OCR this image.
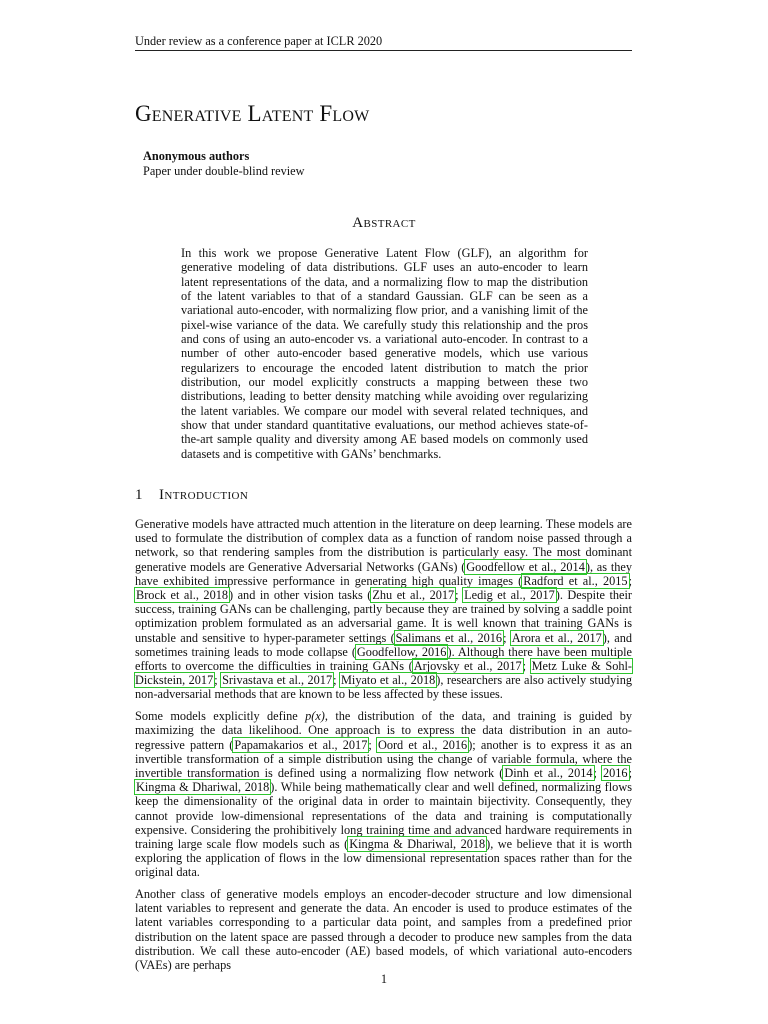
Under review as a conference paper at ICLR 2020
Generative Latent Flow
Anonymous authors
Paper under double-blind review
Abstract

In this work we propose Generative Latent Flow (GLF), an algorithm for generative modeling of data distributions. GLF uses an auto-encoder to learn latent representations of the data, and a normalizing flow to map the distribution of the latent variables to that of a standard Gaussian. GLF can be seen as a variational auto-encoder, with normalizing flow prior, and a vanishing limit of the pixel-wise variance of the data. We carefully study this relationship and the pros and cons of using an auto-encoder vs. a variational auto-encoder. In contrast to a number of other auto-encoder based generative models, which use various regularizers to encourage the encoded latent distribution to match the prior distribution, our model explicitly constructs a mapping between these two distributions, leading to better density matching while avoiding over regularizing the latent variables. We compare our model with several related techniques, and show that under standard quantitative evaluations, our method achieves state-of-the-art sample quality and diversity among AE based models on commonly used datasets and is competitive with GANs’ benchmarks.

1 Introduction

Generative models have attracted much attention in the literature on deep learning. These models are used to formulate the distribution of complex data as a function of random noise passed through a network, so that rendering samples from the distribution is particularly easy. The most dominant generative models are Generative Adversarial Networks (GANs) (Goodfellow et al., 2014), as they have exhibited impressive performance in generating high quality images (Radford et al., 2015; Brock et al., 2018) and in other vision tasks (Zhu et al., 2017; Ledig et al., 2017). Despite their success, training GANs can be challenging, partly because they are trained by solving a saddle point optimization problem formulated as an adversarial game. It is well known that training GANs is unstable and sensitive to hyper-parameter settings (Salimans et al., 2016; Arora et al., 2017), and sometimes training leads to mode collapse (Goodfellow, 2016). Although there have been multiple efforts to overcome the difficulties in training GANs (Arjovsky et al., 2017; Metz Luke & Sohl-Dickstein, 2017; Srivastava et al., 2017; Miyato et al., 2018), researchers are also actively studying non-adversarial methods that are known to be less affected by these issues.

Some models explicitly define p(x), the distribution of the data, and training is guided by maximizing the data likelihood. One approach is to express the data distribution in an auto-regressive pattern (Papamakarios et al., 2017; Oord et al., 2016); another is to express it as an invertible transformation of a simple distribution using the change of variable formula, where the invertible transformation is defined using a normalizing flow network (Dinh et al., 2014; 2016; Kingma & Dhariwal, 2018). While being mathematically clear and well defined, normalizing flows keep the dimensionality of the original data in order to maintain bijectivity. Consequently, they cannot provide low-dimensional representations of the data and training is computationally expensive. Considering the prohibitively long training time and advanced hardware requirements in training large scale flow models such as (Kingma & Dhariwal, 2018), we believe that it is worth exploring the application of flows in the low dimensional representation spaces rather than for the original data.

Another class of generative models employs an encoder-decoder structure and low dimensional latent variables to represent and generate the data. An encoder is used to produce estimates of the latent variables corresponding to a particular data point, and samples from a predefined prior distribution on the latent space are passed through a decoder to produce new samples from the data distribution. We call these auto-encoder (AE) based models, of which variational auto-encoders (VAEs) are perhaps

1
